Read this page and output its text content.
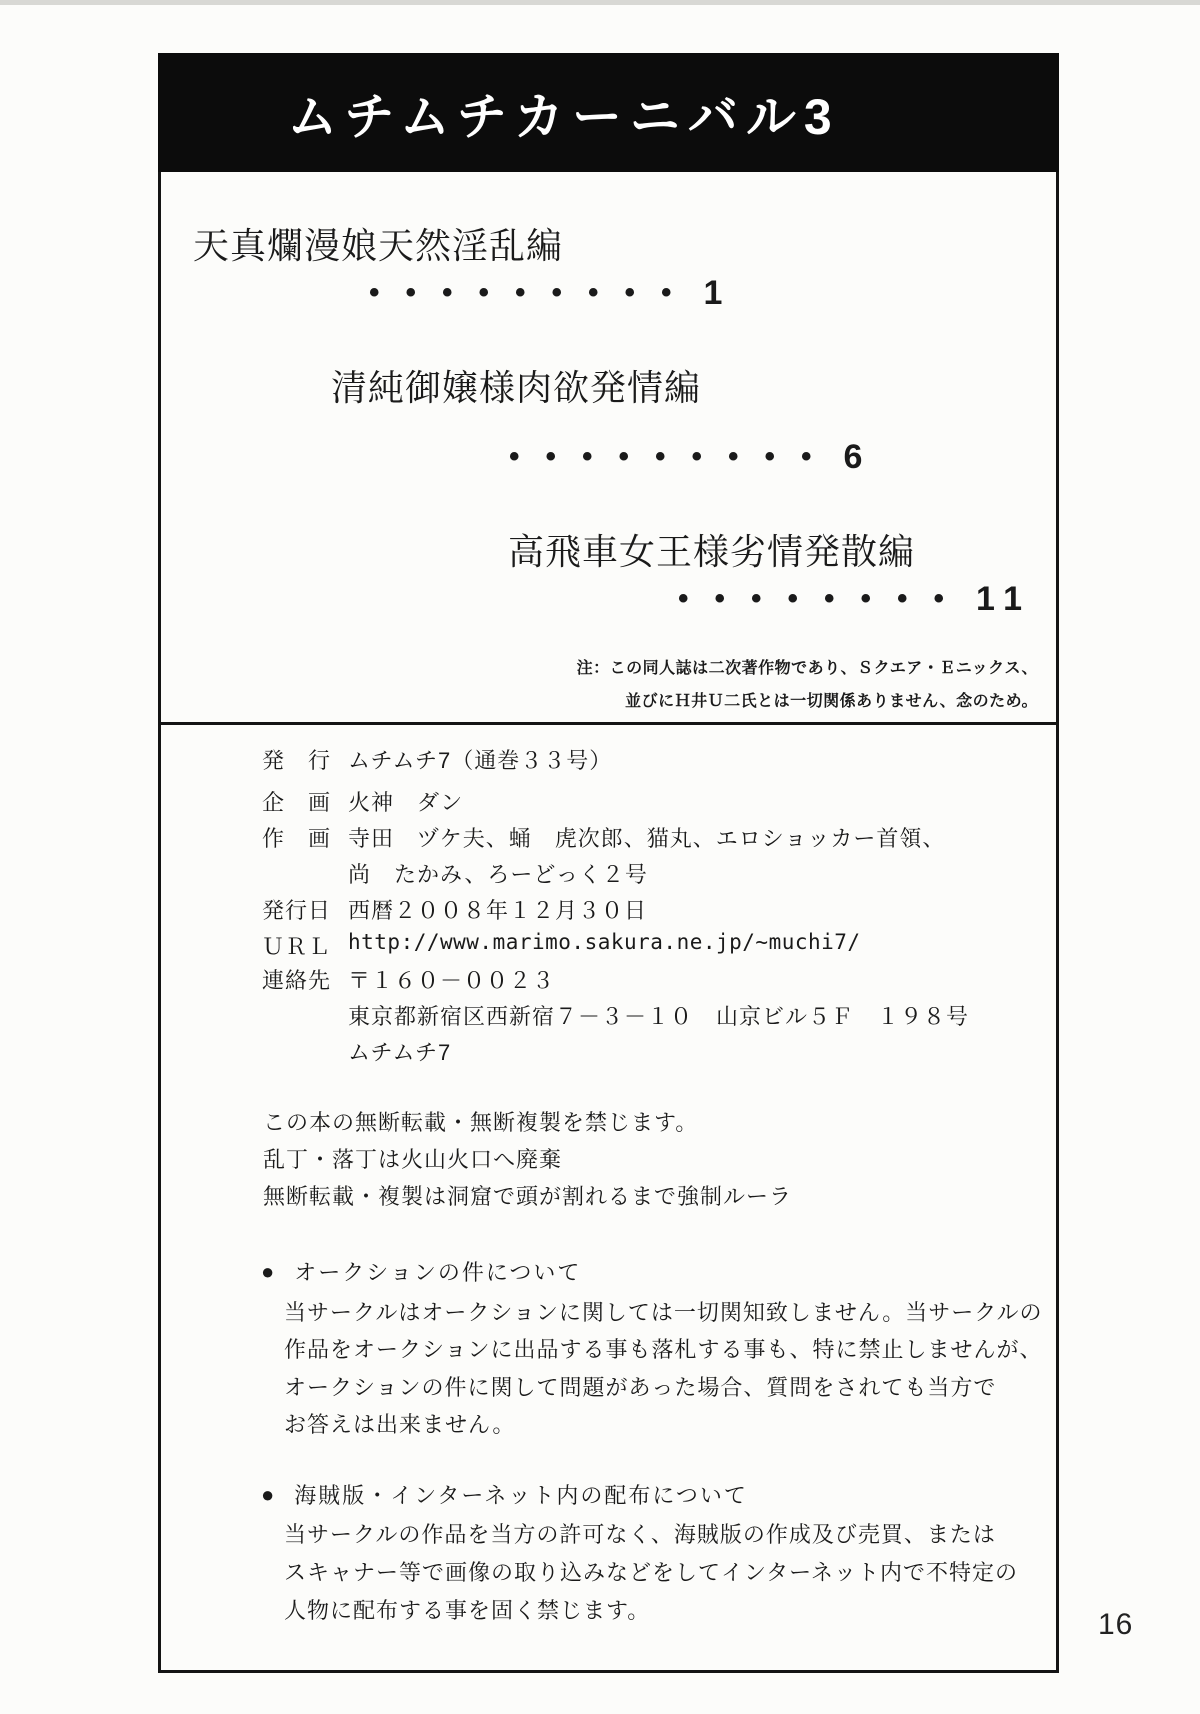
ムチムチカーニバル3
天真爛漫娘天然淫乱編
••••••••• 1
清純御嬢様肉欲発情編
••••••••• 6
高飛車女王様劣情発散編
•••••••• 11
注：この同人誌は二次著作物であり、Ｓクエア・Ｅニックス、
並びにＨ井Ｕ二氏とは一切関係ありません、念のため。
発　行 ムチムチ7（通巻３３号）
企　画 火神　ダン
作　画 寺田　ヅケ夫、蛹　虎次郎、猫丸、エロショッカー首領、
尚　たかみ、ろーどっく２号
発行日 西暦２００８年１２月３０日
ＵＲＬ http://www.marimo.sakura.ne.jp/~muchi7/
連絡先 〒１６０－００２３
東京都新宿区西新宿７－３－１０　山京ビル５Ｆ　１９８号
ムチムチ7
この本の無断転載・無断複製を禁じます。
乱丁・落丁は火山火口へ廃棄
無断転載・複製は洞窟で頭が割れるまで強制ルーラ
● オークションの件について
当サークルはオークションに関しては一切関知致しません。当サークルの
作品をオークションに出品する事も落札する事も、特に禁止しませんが、
オークションの件に関して問題があった場合、質問をされても当方で
お答えは出来ません。
● 海賊版・インターネット内の配布について
当サークルの作品を当方の許可なく、海賊版の作成及び売買、または
スキャナー等で画像の取り込みなどをしてインターネット内で不特定の
人物に配布する事を固く禁じます。	16
